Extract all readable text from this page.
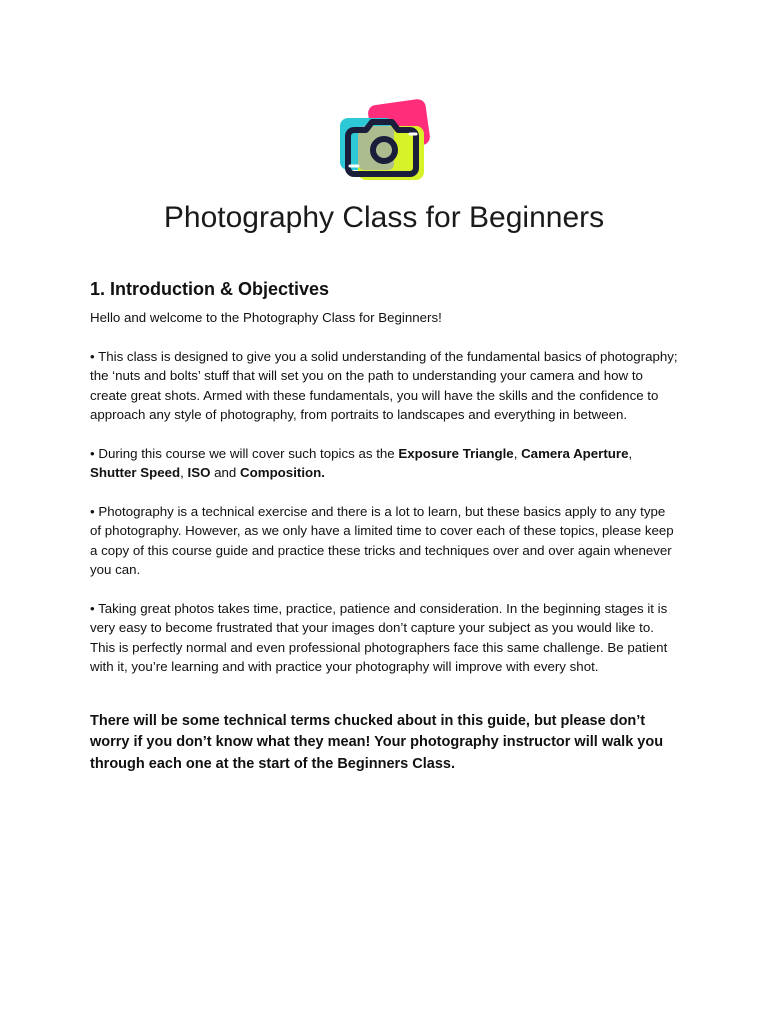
Photography Class for Beginners
1. Introduction & Objectives

Hello and welcome to the Photography Class for Beginners!

• This class is designed to give you a solid understanding of the fundamental basics of photography; the ‘nuts and bolts’ stuff that will set you on the path to understanding your camera and how to create great shots. Armed with these fundamentals, you will have the skills and the confidence to approach any style of photography, from portraits to landscapes and everything in between.

• During this course we will cover such topics as the Exposure Triangle, Camera Aperture, Shutter Speed, ISO and Composition.

• Photography is a technical exercise and there is a lot to learn, but these basics apply to any type of photography. However, as we only have a limited time to cover each of these topics, please keep a copy of this course guide and practice these tricks and techniques over and over again whenever you can.

• Taking great photos takes time, practice, patience and consideration. In the beginning stages it is very easy to become frustrated that your images don’t capture your subject as you would like to. This is perfectly normal and even professional photographers face this same challenge. Be patient with it, you’re learning and with practice your photography will improve with every shot.

There will be some technical terms chucked about in this guide, but please don’t worry if you don’t know what they mean! Your photography instructor will walk you through each one at the start of the Beginners Class.
